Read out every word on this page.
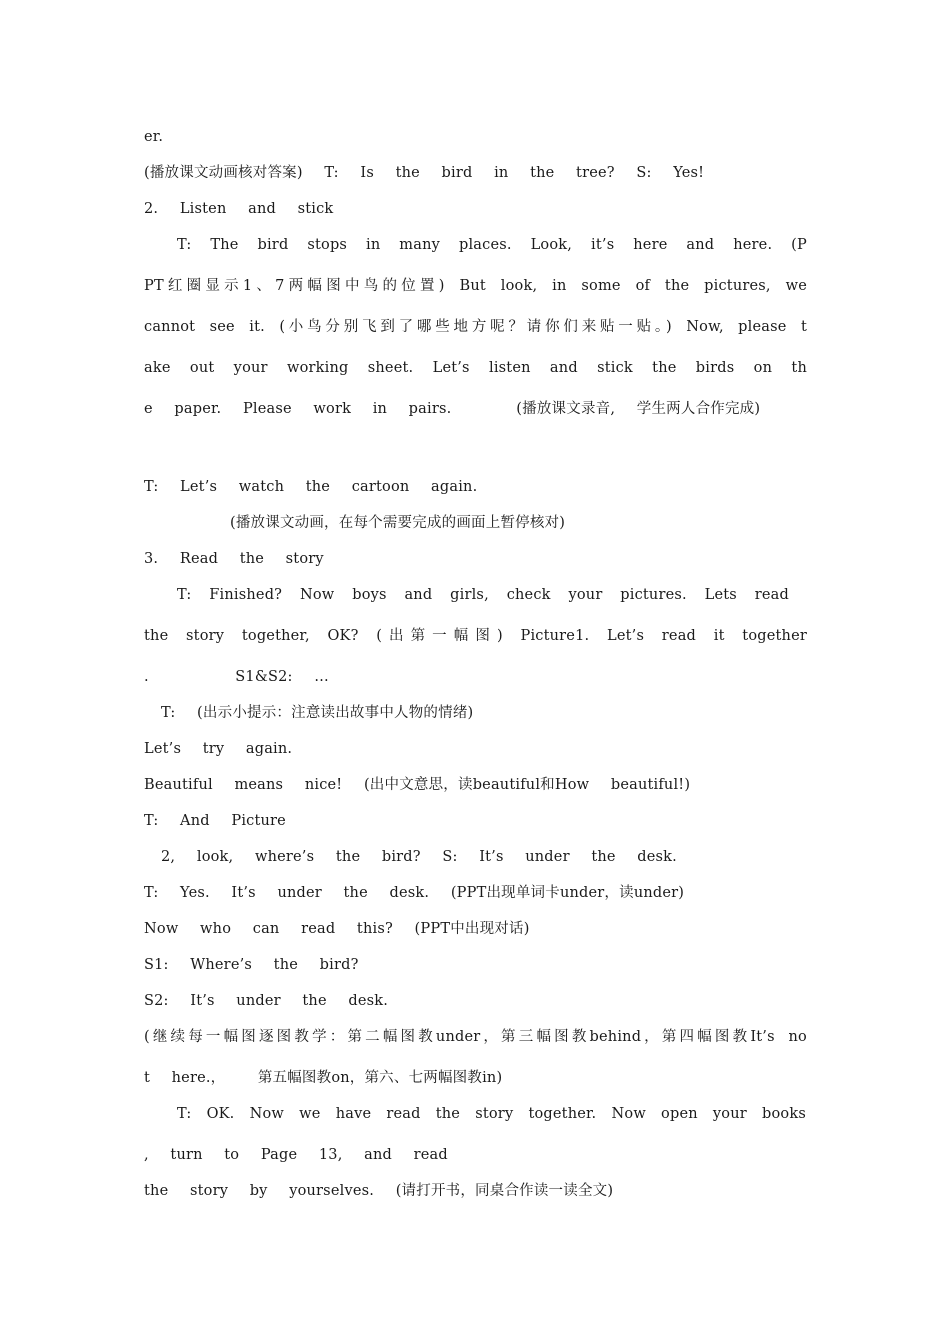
er.
(播放课文动画核对答案)  T:  Is  the  bird  in  the  tree?  S:  Yes!
2.  Listen  and  stick
T: The bird stops in many places. Look, it’s here and here. (P
PT红圈显示1、7两幅图中鸟的位置) But look, in some of the pictures, we
cannot see it. (小鸟分别飞到了哪些地方呢？请你们来贴一贴。) Now, please t
ake out your working sheet. Let’s listen and stick the birds on th
e  paper.  Please  work  in  pairs.      (播放课文录音,  学生两人合作完成)
T:  Let’s  watch  the  cartoon  again.
(播放课文动画，在每个需要完成的画面上暂停核对)
3.  Read  the  story
T: Finished? Now boys and girls, check your pictures. Lets read
the story together, OK? (出第一幅图) Picture1. Let’s read it together
.        S1&S2:  …
T:  (出示小提示：注意读出故事中人物的情绪)
Let’s  try  again.
Beautiful  means  nice!  (出中文意思，读beautiful和How  beautiful!)
T:  And  Picture
2,  look,  where’s  the  bird?  S:  It’s  under  the  desk.
T:  Yes.  It’s  under  the  desk.  (PPT出现单词卡under，读under)
Now  who  can  read  this?  (PPT中出现对话)
S1:  Where’s  the  bird?
S2:  It’s  under  the  desk.
(继续每一幅图逐图教学：第二幅图教under，第三幅图教behind，第四幅图教It’s no
t  here.，   第五幅图教on，第六、七两幅图教in)
T: OK. Now we have read the story together. Now open your books
,  turn  to  Page  13,  and  read
the  story  by  yourselves.  (请打开书，同桌合作读一读全文)
